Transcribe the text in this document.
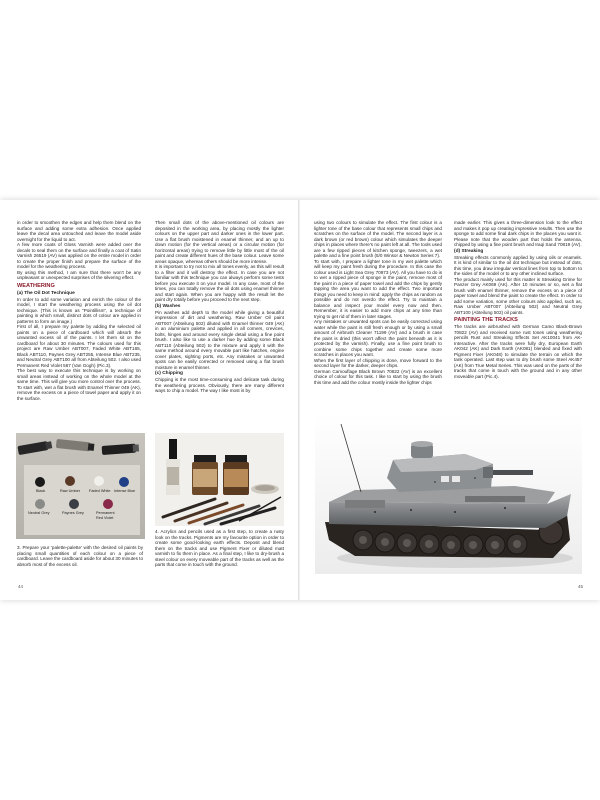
in order to smoothen the edges and help them blend on the surface and adding some extra adhesion. Once applied leave the decal area untouched and leave the model aside overnight for the liquid to act.

A few more coats of Gloss Varnish were added over the decals to seal them on the surface and finally a coat of Satin Varnish 26519 (AV) was applied on the entire model in order to create the proper finish and prepare the surface of the model for the weathering process.

By using this method, I am sure that there won't be any unpleasant or unexpected surprises of the silvering effect.

WEATHERING

(a) The Oil Dot Technique

In order to add some variation and enrich the colour of the model, I start the weathering process using the oil dot technique. (This is known as "Pointillism", a technique of painting in which small, distinct dots of colour are applied in patterns to form an image.)

First of all, I prepare my palette by adding the selected oil paints on a piece of cardboard which will absorb the unwanted excess oil of the paints. I let them sit on the cardboard for about 30 minutes. The colours used for this project are Raw Umber ABT007, Faded White ABT165, Black ABT110, Paynes Grey ABT255, Intense Blue ABT235, and Neutral Grey ABT100 all from Abteilung 502. I also used Permanent Red Violet 567 (Van Gogh) (Pic.3).

The best way to execute this technique is by working on small areas instead of working on the whole model at the same time. This will give you more control over the process. To start with, wet a flat brush with Enamel Thinner 049 (AK), remove the excess on a piece of towel paper and apply it on the surface.

Then small dots of the above-mentioned oil colours are deposited in the working area, by placing mostly the lighter colours on the upper part and darker ones in the lower part. Use a flat brush moistened in enamel thinner, and an up to down motion (for the vertical areas) or a circular motion (for horizontal areas) trying to remove little by little most of the oil paint and create different hues of the base colour. Leave some areas opaque, whereas others should be more intense.

It is important to try not to mix all tones evenly, as this will result to a filter and it will destroy the effect. In case you are not familiar with this technique you can always perform some tests before you execute it on your model. In any case, most of the times, you can totally remove the oil dots using enamel thinner and start again. When you are happy with the result let the paint dry totally before you proceed to the next step.

(b) Washes

Pin washes add depth to the model while giving a beautiful impression of dirt and weathering. Raw Umber Oil paint ABT007 (Abteilung 502) diluted with Enamel thinner 049 (AK) in an aluminium palette and applied in all corners, crevices, bolts, hinges and around every single detail using a fine point brush. I also like to use a darker hue by adding some Black ABT110 (Abteilung 502) to the mixture and apply it with the same method around every movable part like hatches, engine cover plates, sighting ports, etc. Any mistakes or unwanted spots can be easily corrected or removed using a flat brush moisture in enamel thinner.

(c) Chipping

Chipping is the most time-consuming and delicate task during the weathering process. Obviously, there are many different ways to chip a model. The way I like most is by

Black	Raw Umber Faded White Intense Blue
Neutral Grey	Paynes Grey	Permanent
Red Violet
3. Prepare your 'palette-palette' with the desired oil paints by placing small quantities of each colour on a piece of cardboard. Leave the cardboard aside for about 30 minutes to absorb most of the excess oil.
4. Acrylics and pencils used as a first step, to create a rusty look on the tracks. Pigments are my favourite option in order to create some good-looking earth effects. Deposit and blend them on the tracks and use Pigment Fixer or diluted matt varnish to fix them in place. As a final step, I like to dry-brush a steel colour on every moveable part of the tracks as well as the parts that come in touch with the ground.
44

using two colours to simulate the effect. The first colour is a lighter tone of the base colour that represents small chips and scratches on the surface of the model. The second layer is a dark brown (or red brown) colour which simulates the deeper chips in places where there's no paint left at all. The tools used are a few ripped pieces of kitchen sponge, tweezers, a wet palette and a fine point brush (5/0 Winsor & Newton Series 7).

To start with, I prepare a lighter tone in my wet palette which will keep my paint fresh during the procedure. In this case the colour used is Light Sea Grey 70973 (AV). All you have to do is to wet a ripped piece of sponge in the paint, remove most of the paint in a piece of paper towel and add the chips by gently tapping the area you want to add the effect. Two important things you need to keep in mind: apply the chips as random as possible and do not overdo the effect. Try to maintain a balance and inspect your model every now and then. Remember, it is easier to add more chips at any time than trying to get rid of them in later stages.

Any mistakes or unwanted spots can be easily corrected using water while the paint is still fresh enough or by using a small amount of Airbrush Cleaner 71199 (AV) and a brush in case the paint is dried (this won't affect the paint beneath as it is protected by the varnish). Finally, use a fine point brush to combine some chips together and create some more scratches in places you want.

When the first layer of chipping is done, move forward to the second layer for the darker, deeper chips.

German Camouflage Black Brown 70822 (AV) is an excellent choice of colour for this task. I like to start by using the brush this time and add the colour mostly inside the lighter chips

made earlier. This gives a three-dimension look to the effect and makes it pop up creating impressive results. Then use the sponge to add some final dark chips in the places you want it. Please note that the wooden part that holds the antenna, chipped by using a fine point brush and Iraqi Sand 70819 (AV).

(d) Streaking

Streaking effects commonly applied by using oils or enamels. It is kind of similar to the oil dot technique but instead of dots, this time, you draw irregular vertical lines from top to bottom to the sides of the model or to any other inclined surface.

The product mainly used for this matter is Streaking Grime for Panzer Grey AK069 (AK). After 10 minutes or so, wet a flat brush with enamel thinner, remove the excess on a piece of paper towel and blend the paint to create the effect. In order to add some variation, some other colours also applied, such as, Raw Umber ABT007 (Abteilung 502) and Neutral Grey ABT100 (Abteilung 502) oil paints.

PAINTING THE TRACKS

The tracks are airbrushed with German Camo Black-Brown 70822 (AV) and received some rust tones using weathering pencils Rust and Streaking Effects Set AK10041 from AK-Interactive. After the tracks were fully dry, European Earth AK042 (AK) and Dark Earth (AK081) blended and fixed with Pigment Fixer (AK048) to simulate the terrain on which the tank operated. Last step was to dry brush some Steel AK457 (AK) from True Metal Series. This was used on the parts of the tracks that come in touch with the ground and in any other moveable part (Pic.4).

45
